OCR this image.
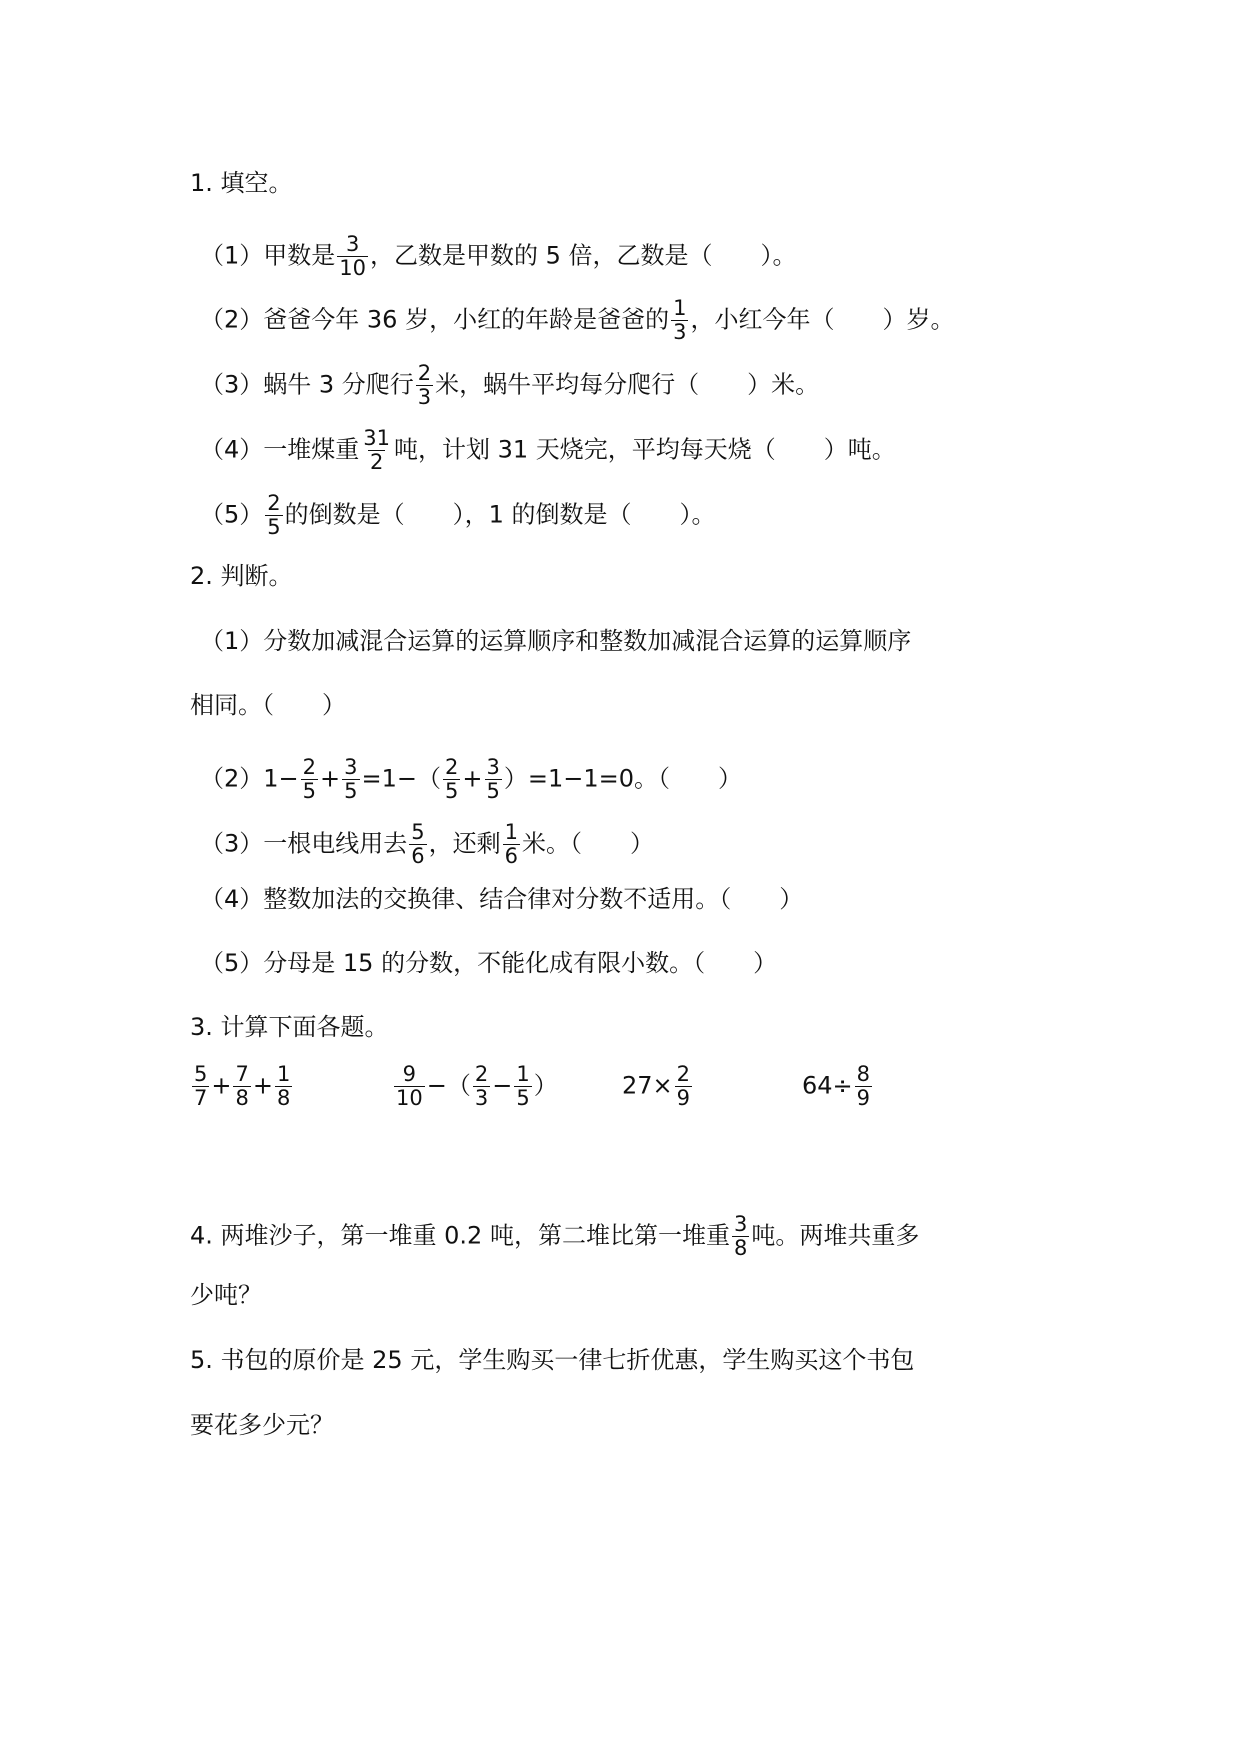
1. 填空。
（1）甲数是 $\frac{3}{10}$ ，乙数是甲数的 5 倍，乙数是（　　）。
（2）爸爸今年 36 岁，小红的年龄是爸爸的 $\frac{1}{3}$ ，小红今年（　　）岁。
（3）蜗牛 3 分爬行 $\frac{2}{3}$ 米，蜗牛平均每分爬行（　　）米。
（4）一堆煤重 $\frac{31}{2}$ 吨，计划 31 天烧完，平均每天烧（　　）吨。
$(5) \frac{2}{5}$ 的倒数是（　　），1 的倒数是（　　）。
2. 判断。
（1）分数加减混合运算的运算顺序和整数加减混合运算的运算顺序
相同。（　　）
$(2)1- \frac{2}{5} + \frac{3}{5} =1-( \frac{2}{5} + \frac{3}{5} )=1-1=0$。（　　）
（3）一根电线用去 $\frac{5}{6}$ ，还剩 $\frac{1}{6}$ 米。（　　）
（4）整数加法的交换律、结合律对分数不适用。（　　）
（5）分母是 15 的分数，不能化成有限小数。（　　）
3. 计算下面各题。
$\frac{5}{7} + \frac{7}{8} + \frac{1}{8}$	$\frac{9}{10}$ −（ $\frac{2}{3} - \frac{1}{5}$ ）	$27\times \frac{2}{9}$	$64\div \frac{8}{9}$
4. 两堆沙子，第一堆重 0.2 吨，第二堆比第一堆重 $\frac{3}{8}$ 吨。两堆共重多
少吨？
5. 书包的原价是 25 元，学生购买一律七折优惠，学生购买这个书包
要花多少元？
